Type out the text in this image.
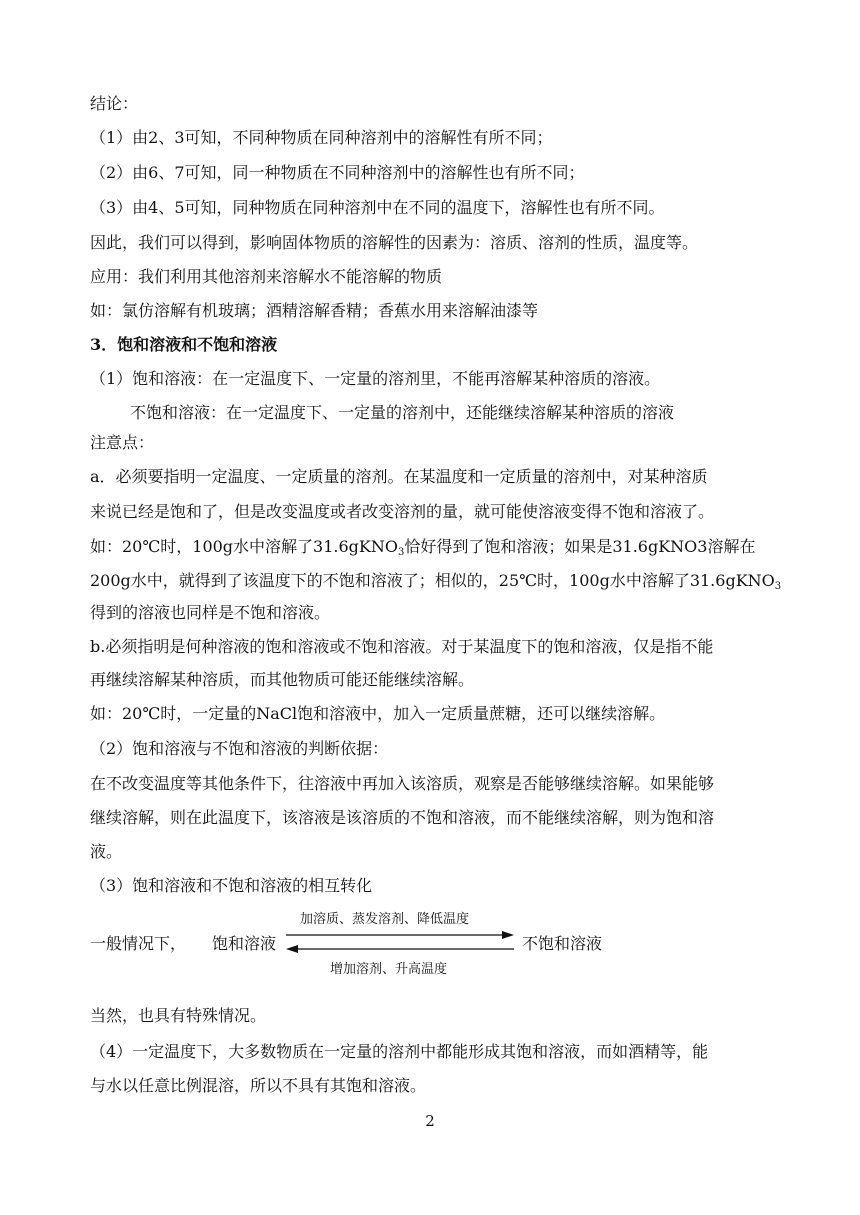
结论：
（1）由2、3可知，不同种物质在同种溶剂中的溶解性有所不同；
（2）由6、7可知，同一种物质在不同种溶剂中的溶解性也有所不同；
（3）由4、5可知，同种物质在同种溶剂中在不同的温度下，溶解性也有所不同。
因此，我们可以得到，影响固体物质的溶解性的因素为：溶质、溶剂的性质，温度等。
应用：我们利用其他溶剂来溶解水不能溶解的物质
如：氯仿溶解有机玻璃；酒精溶解香精；香蕉水用来溶解油漆等
3．饱和溶液和不饱和溶液
（1）饱和溶液：在一定温度下、一定量的溶剂里，不能再溶解某种溶质的溶液。
不饱和溶液：在一定温度下、一定量的溶剂中，还能继续溶解某种溶质的溶液
注意点：
a．必须要指明一定温度、一定质量的溶剂。在某温度和一定质量的溶剂中，对某种溶质
来说已经是饱和了，但是改变温度或者改变溶剂的量，就可能使溶液变得不饱和溶液了。
如：20℃时，100g水中溶解了31.6gKNO$_3$恰好得到了饱和溶液；如果是31.6gKNO3溶解在
200g水中，就得到了该温度下的不饱和溶液了；相似的，25℃时，100g水中溶解了31.6gKNO$_3$
得到的溶液也同样是不饱和溶液。
b.必须指明是何种溶液的饱和溶液或不饱和溶液。对于某温度下的饱和溶液，仅是指不能
再继续溶解某种溶质，而其他物质可能还能继续溶解。
如：20℃时，一定量的NaCl饱和溶液中，加入一定质量蔗糖，还可以继续溶解。
（2）饱和溶液与不饱和溶液的判断依据：
在不改变温度等其他条件下，往溶液中再加入该溶质，观察是否能够继续溶解。如果能够
继续溶解，则在此温度下，该溶液是该溶质的不饱和溶液，而不能继续溶解，则为饱和溶
液。
（3）饱和溶液和不饱和溶液的相互转化
一般情况下， 饱和溶液
加溶质、蒸发溶剂、降低温度
增加溶剂、升高温度
不饱和溶液
当然，也具有特殊情况。
（4）一定温度下，大多数物质在一定量的溶剂中都能形成其饱和溶液，而如酒精等，能
与水以任意比例混溶，所以不具有其饱和溶液。
2
